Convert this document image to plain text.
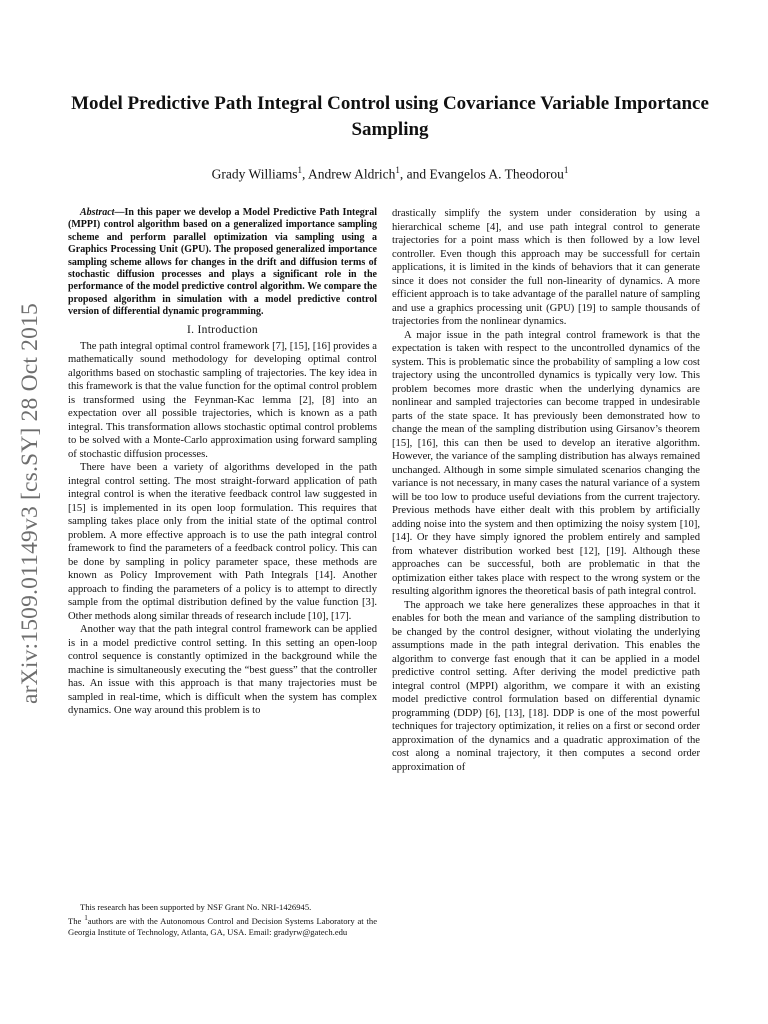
arXiv:1509.01149v3 [cs.SY] 28 Oct 2015
Model Predictive Path Integral Control using Covariance Variable Importance Sampling
Grady Williams$^1$, Andrew Aldrich$^1$, and Evangelos A. Theodorou$^1$
Abstract—In this paper we develop a Model Predictive Path Integral (MPPI) control algorithm based on a generalized importance sampling scheme and perform parallel optimization via sampling using a Graphics Processing Unit (GPU). The proposed generalized importance sampling scheme allows for changes in the drift and diffusion terms of stochastic diffusion processes and plays a significant role in the performance of the model predictive control algorithm. We compare the proposed algorithm in simulation with a model predictive control version of differential dynamic programming.
I. Introduction

The path integral optimal control framework [7], [15], [16] provides a mathematically sound methodology for developing optimal control algorithms based on stochastic sampling of trajectories. The key idea in this framework is that the value function for the optimal control problem is transformed using the Feynman-Kac lemma [2], [8] into an expectation over all possible trajectories, which is known as a path integral. This transformation allows stochastic optimal control problems to be solved with a Monte-Carlo approximation using forward sampling of stochastic diffusion processes.

There have been a variety of algorithms developed in the path integral control setting. The most straight-forward application of path integral control is when the iterative feedback control law suggested in [15] is implemented in its open loop formulation. This requires that sampling takes place only from the initial state of the optimal control problem. A more effective approach is to use the path integral control framework to find the parameters of a feedback control policy. This can be done by sampling in policy parameter space, these methods are known as Policy Improvement with Path Integrals [14]. Another approach to finding the parameters of a policy is to attempt to directly sample from the optimal distribution defined by the value function [3]. Other methods along similar threads of research include [10], [17].

Another way that the path integral control framework can be applied is in a model predictive control setting. In this setting an open-loop control sequence is constantly optimized in the background while the machine is simultaneously executing the “best guess” that the controller has. An issue with this approach is that many trajectories must be sampled in real-time, which is difficult when the system has complex dynamics. One way around this problem is to

This research has been supported by NSF Grant No. NRI-1426945.

The $^1$authors are with the Autonomous Control and Decision Systems Laboratory at the Georgia Institute of Technology, Atlanta, GA, USA. Email: gradyrw@gatech.edu

drastically simplify the system under consideration by using a hierarchical scheme [4], and use path integral control to generate trajectories for a point mass which is then followed by a low level controller. Even though this approach may be successfull for certain applications, it is limited in the kinds of behaviors that it can generate since it does not consider the full non-linearity of dynamics. A more efficient approach is to take advantage of the parallel nature of sampling and use a graphics processing unit (GPU) [19] to sample thousands of trajectories from the nonlinear dynamics.

A major issue in the path integral control framework is that the expectation is taken with respect to the uncontrolled dynamics of the system. This is problematic since the probability of sampling a low cost trajectory using the uncontrolled dynamics is typically very low. This problem becomes more drastic when the underlying dynamics are nonlinear and sampled trajectories can become trapped in undesirable parts of the state space. It has previously been demonstrated how to change the mean of the sampling distribution using Girsanov’s theorem [15], [16], this can then be used to develop an iterative algorithm. However, the variance of the sampling distribution has always remained unchanged. Although in some simple simulated scenarios changing the variance is not necessary, in many cases the natural variance of a system will be too low to produce useful deviations from the current trajectory. Previous methods have either dealt with this problem by artificially adding noise into the system and then optimizing the noisy system [10], [14]. Or they have simply ignored the problem entirely and sampled from whatever distribution worked best [12], [19]. Although these approaches can be successful, both are problematic in that the optimization either takes place with respect to the wrong system or the resulting algorithm ignores the theoretical basis of path integral control.

The approach we take here generalizes these approaches in that it enables for both the mean and variance of the sampling distribution to be changed by the control designer, without violating the underlying assumptions made in the path integral derivation. This enables the algorithm to converge fast enough that it can be applied in a model predictive control setting. After deriving the model predictive path integral control (MPPI) algorithm, we compare it with an existing model predictive control formulation based on differential dynamic programming (DDP) [6], [13], [18]. DDP is one of the most powerful techniques for trajectory optimization, it relies on a first or second order approximation of the dynamics and a quadratic approximation of the cost along a nominal trajectory, it then computes a second order approximation of
